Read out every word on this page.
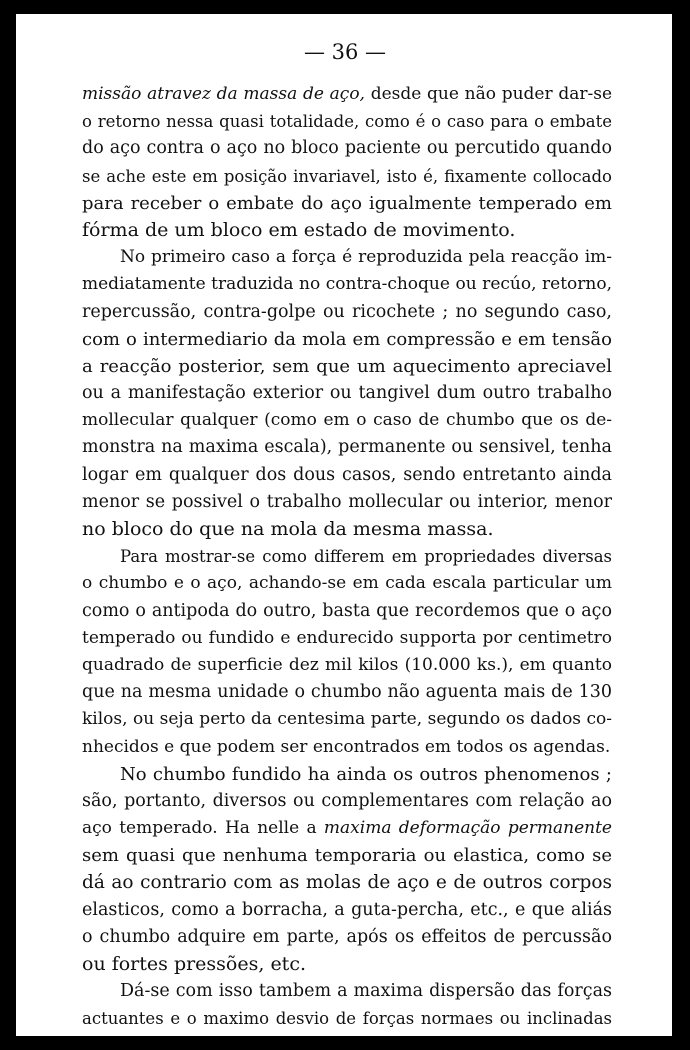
— 36 —

missão atravez da massa de aço, desde que não puder dar-se
o retorno nessa quasi totalidade, como é o caso para o embate
do aço contra o aço no bloco paciente ou percutido quando
se ache este em posição invariavel, isto é, fixamente collocado
para receber o embate do aço igualmente temperado em
fórma de um bloco em estado de movimento.
No primeiro caso a força é reproduzida pela reacção im-
mediatamente traduzida no contra-choque ou recúo, retorno,
repercussão, contra-golpe ou ricochete ; no segundo caso,
com o intermediario da mola em compressão e em tensão
a reacção posterior, sem que um aquecimento apreciavel
ou a manifestação exterior ou tangivel dum outro trabalho
mollecular qualquer (como em o caso de chumbo que os de-
monstra na maxima escala), permanente ou sensivel, tenha
logar em qualquer dos dous casos, sendo entretanto ainda
menor se possivel o trabalho mollecular ou interior, menor
no bloco do que na mola da mesma massa.
Para mostrar-se como differem em propriedades diversas
o chumbo e o aço, achando-se em cada escala particular um
como o antipoda do outro, basta que recordemos que o aço
temperado ou fundido e endurecido supporta por centimetro
quadrado de superficie dez mil kilos (10.000 ks.), em quanto
que na mesma unidade o chumbo não aguenta mais de 130
kilos, ou seja perto da centesima parte, segundo os dados co-
nhecidos e que podem ser encontrados em todos os agendas.
No chumbo fundido ha ainda os outros phenomenos ;
são, portanto, diversos ou complementares com relação ao
aço temperado. Ha nelle a maxima deformação permanente
sem quasi que nenhuma temporaria ou elastica, como se
dá ao contrario com as molas de aço e de outros corpos
elasticos, como a borracha, a guta-percha, etc., e que aliás
o chumbo adquire em parte, após os effeitos de percussão
ou fortes pressões, etc.
Dá-se com isso tambem a maxima dispersão das forças
actuantes e o maximo desvio de forças normaes ou inclinadas
